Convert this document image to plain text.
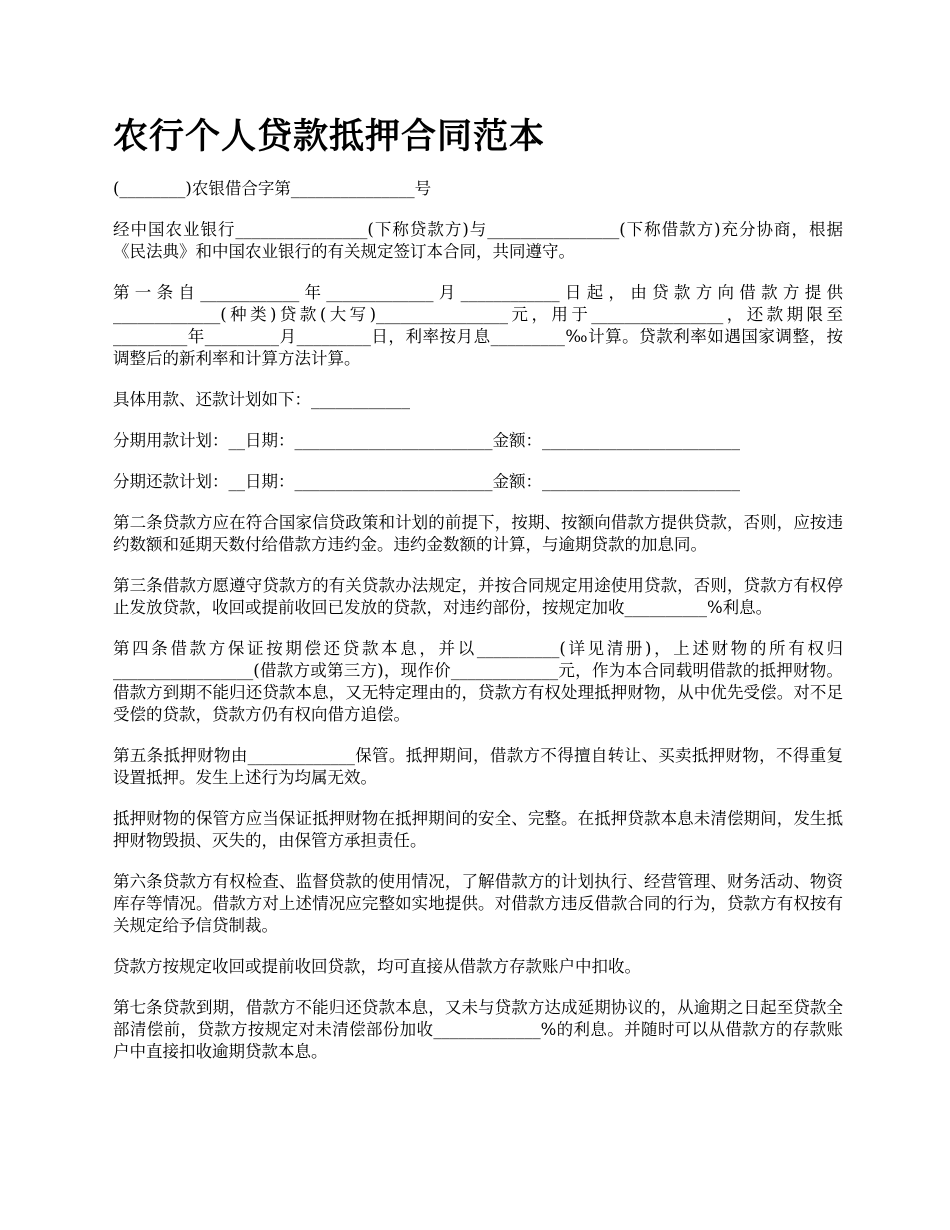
农行个人贷款抵押合同范本

(________)农银借合字第_______________号

经中国农业银行________________(下称贷款方)与________________(下称借款方)充分协商，根据《民法典》和中国农业银行的有关规定签订本合同，共同遵守。

第一条自____________年_____________月____________日起，由贷款方向借款方提供_____________(种类)贷款(大写)________________元，用于________________，还款期限至_________年_________月_________日，利率按月息_________‰计算。贷款利率如遇国家调整，按调整后的新利率和计算方法计算。

具体用款、还款计划如下：____________

分期用款计划：__日期：________________________金额：________________________

分期还款计划：__日期：________________________金额：________________________

第二条贷款方应在符合国家信贷政策和计划的前提下，按期、按额向借款方提供贷款，否则，应按违约数额和延期天数付给借款方违约金。违约金数额的计算，与逾期贷款的加息同。

第三条借款方愿遵守贷款方的有关贷款办法规定，并按合同规定用途使用贷款，否则，贷款方有权停止发放贷款，收回或提前收回已发放的贷款，对违约部份，按规定加收__________%利息。

第四条借款方保证按期偿还贷款本息，并以__________(详见清册)，上述财物的所有权归_________________(借款方或第三方)，现作价_____________元，作为本合同载明借款的抵押财物。借款方到期不能归还贷款本息，又无特定理由的，贷款方有权处理抵押财物，从中优先受偿。对不足受偿的贷款，贷款方仍有权向借方追偿。

第五条抵押财物由_____________保管。抵押期间，借款方不得擅自转让、买卖抵押财物，不得重复设置抵押。发生上述行为均属无效。

抵押财物的保管方应当保证抵押财物在抵押期间的安全、完整。在抵押贷款本息未清偿期间，发生抵押财物毁损、灭失的，由保管方承担责任。

第六条贷款方有权检查、监督贷款的使用情况，了解借款方的计划执行、经营管理、财务活动、物资库存等情况。借款方对上述情况应完整如实地提供。对借款方违反借款合同的行为，贷款方有权按有关规定给予信贷制裁。

贷款方按规定收回或提前收回贷款，均可直接从借款方存款账户中扣收。

第七条贷款到期，借款方不能归还贷款本息，又未与贷款方达成延期协议的，从逾期之日起至贷款全部清偿前，贷款方按规定对未清偿部份加收_____________%的利息。并随时可以从借款方的存款账户中直接扣收逾期贷款本息。
